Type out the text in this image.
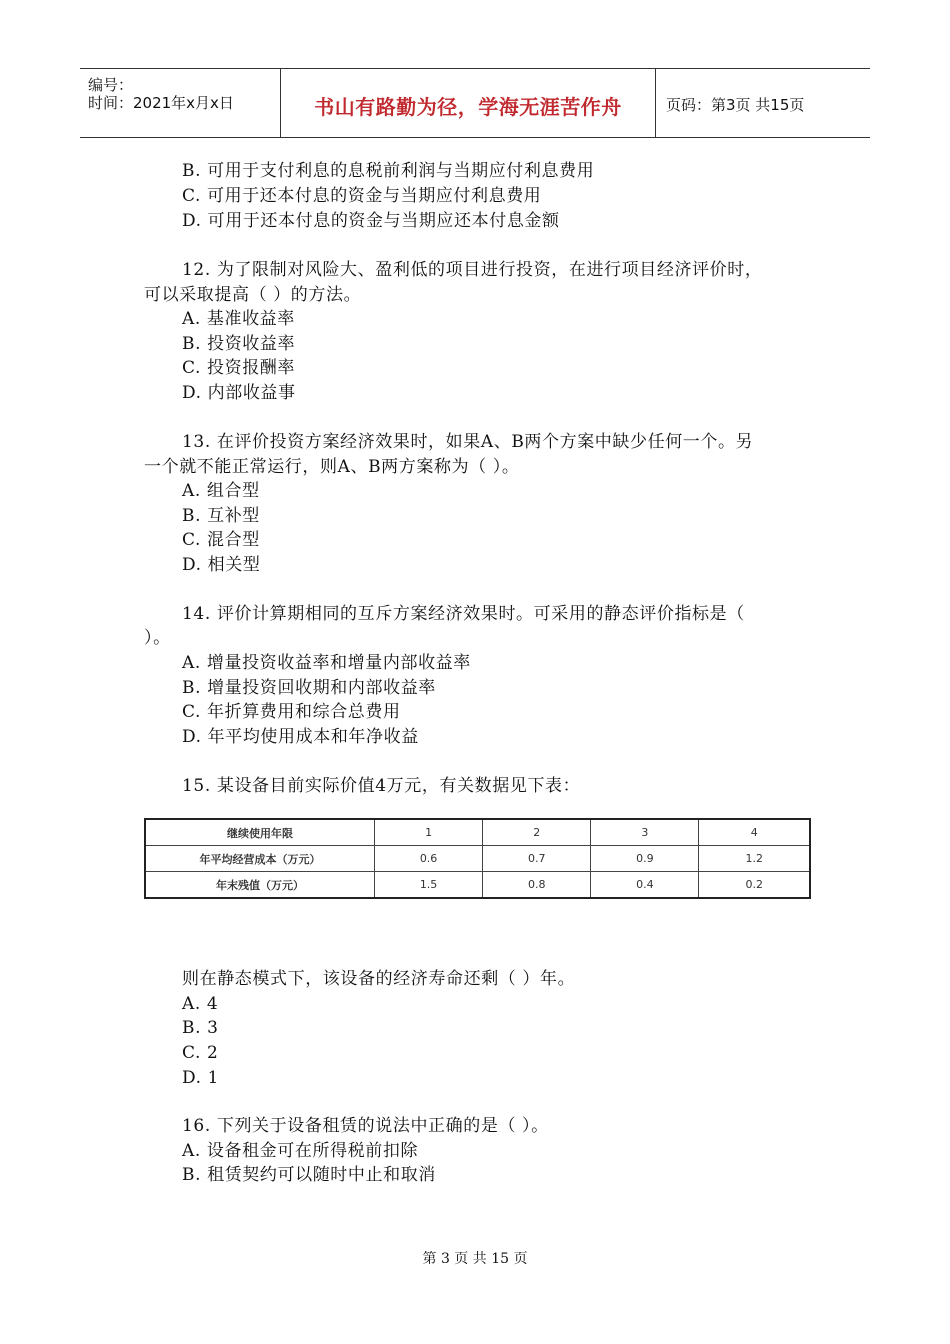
编号：
时间：2021年x月x日	书山有路勤为径，学海无涯苦作舟	页码：第3页 共15页
B. 可用于支付利息的息税前利润与当期应付利息费用
C. 可用于还本付息的资金与当期应付利息费用
D. 可用于还本付息的资金与当期应还本付息金额
12. 为了限制对风险大、盈利低的项目进行投资，在进行项目经济评价时，
可以采取提高（ ）的方法。
A. 基准收益率
B. 投资收益率
C. 投资报酬率
D. 内部收益事
13. 在评价投资方案经济效果时，如果A、B两个方案中缺少任何一个。另
一个就不能正常运行，则A、B两方案称为（ ）。
A. 组合型
B. 互补型
C. 混合型
D. 相关型
14. 评价计算期相同的互斥方案经济效果时。可采用的静态评价指标是（
）。
A. 增量投资收益率和增量内部收益率
B. 增量投资回收期和内部收益率
C. 年折算费用和综合总费用
D. 年平均使用成本和年净收益
15. 某设备目前实际价值4万元，有关数据见下表：
继续使用年限	1	2	3	4
年平均经营成本（万元）	0.6	0.7	0.9	1.2
年末残值（万元）	1.5	0.8	0.4	0.2
则在静态模式下，该设备的经济寿命还剩（ ）年。
A. 4
B. 3
C. 2
D. 1
16. 下列关于设备租赁的说法中正确的是（ ）。
A. 设备租金可在所得税前扣除
B. 租赁契约可以随时中止和取消
第 3 页 共 15 页
